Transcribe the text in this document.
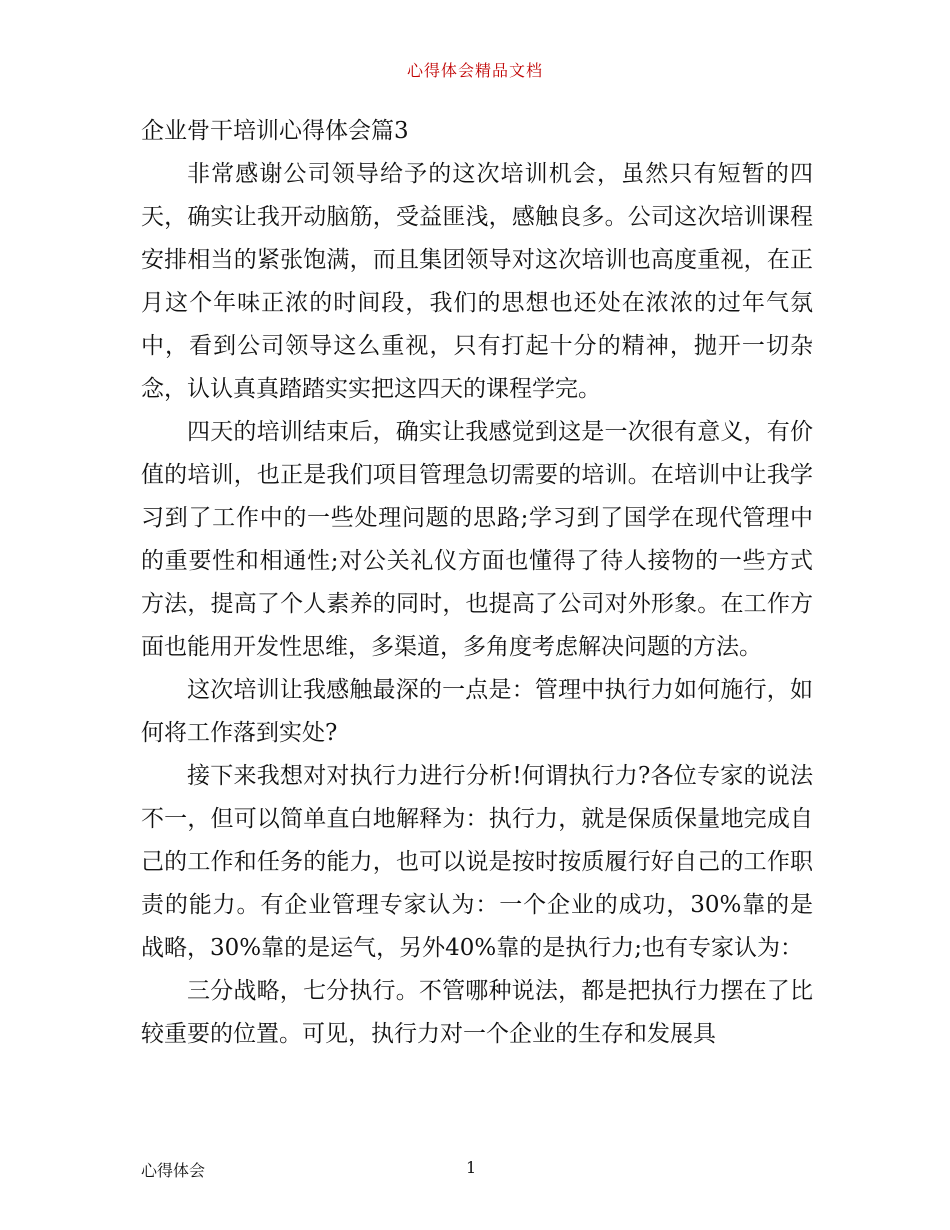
心得体会精品文档

企业骨干培训心得体会篇3

非常感谢公司领导给予的这次培训机会，虽然只有短暂的四天，确实让我开动脑筋，受益匪浅，感触良多。公司这次培训课程安排相当的紧张饱满，而且集团领导对这次培训也高度重视，在正月这个年味正浓的时间段，我们的思想也还处在浓浓的过年气氛中，看到公司领导这么重视，只有打起十分的精神，抛开一切杂念，认认真真踏踏实实把这四天的课程学完。

四天的培训结束后，确实让我感觉到这是一次很有意义，有价值的培训，也正是我们项目管理急切需要的培训。在培训中让我学习到了工作中的一些处理问题的思路;学习到了国学在现代管理中的重要性和相通性;对公关礼仪方面也懂得了待人接物的一些方式方法，提高了个人素养的同时，也提高了公司对外形象。在工作方面也能用开发性思维，多渠道，多角度考虑解决问题的方法。

这次培训让我感触最深的一点是：管理中执行力如何施行，如何将工作落到实处?

接下来我想对对执行力进行分析!何谓执行力?各位专家的说法不一，但可以简单直白地解释为：执行力，就是保质保量地完成自己的工作和任务的能力，也可以说是按时按质履行好自己的工作职责的能力。有企业管理专家认为：一个企业的成功，30%靠的是战略，30%靠的是运气，另外40%靠的是执行力;也有专家认为：

三分战略，七分执行。不管哪种说法，都是把执行力摆在了比较重要的位置。可见，执行力对一个企业的生存和发展具

心得体会	1
